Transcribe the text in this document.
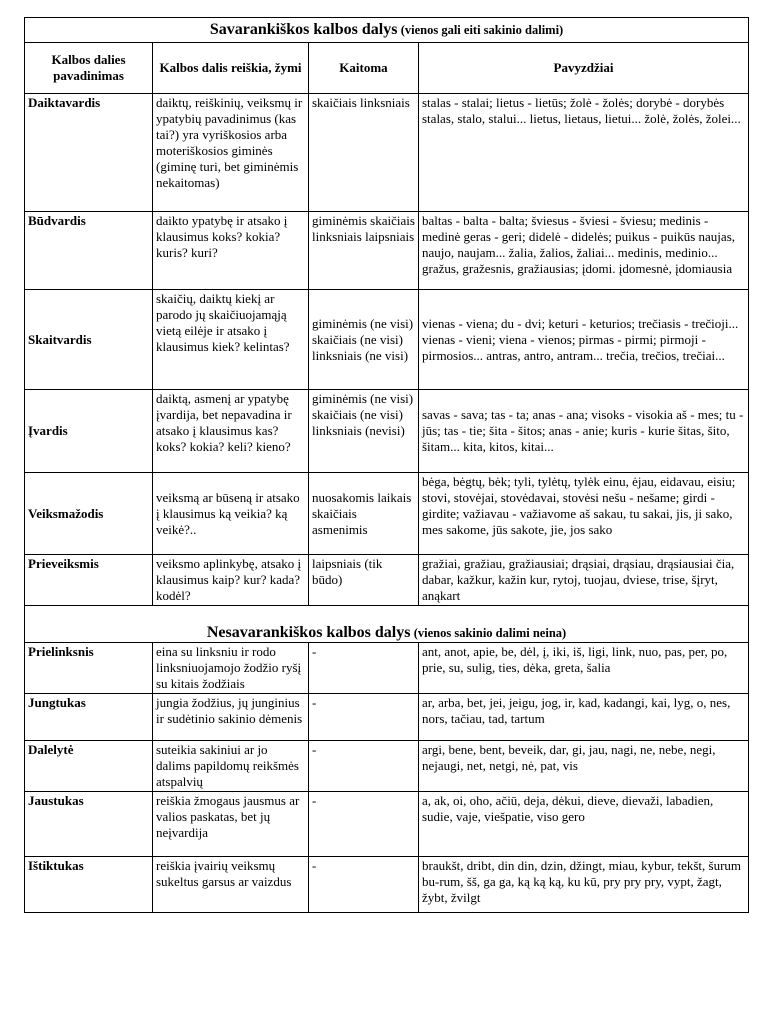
Savarankiškos kalbos dalys (vienos gali eiti sakinio dalimi)			
Kalbos dalies pavadinimas	Kalbos dalis reiškia, žymi	Kaitoma	Pavyzdžiai
Daiktavardis	daiktų, reiškinių, veiksmų ir ypatybių pavadinimus (kas tai?) yra vyriškosios arba moteriškosios giminės (giminę turi, bet giminėmis nekaitomas)	skaičiais linksniais	stalas - stalai; lietus - lietūs; žolė - žolės; dorybė - dorybės stalas, stalo, stalui... lietus, lietaus, lietui... žolė, žolės, žolei...
Būdvardis	daikto ypatybę ir atsako į klausimus koks? kokia? kuris? kuri?	giminėmis skaičiais linksniais laipsniais	baltas - balta - balta; šviesus - šviesi - šviesu; medinis - medinė geras - geri; didelė - didelės; puikus - puikūs naujas, naujo, naujam... žalia, žalios, žaliai... medinis, medinio... gražus, gražesnis, gražiausias; įdomi. įdomesnė, įdomiausia
Skaitvardis	skaičių, daiktų kiekį ar parodo jų skaičiuojamąją vietą eilėje ir atsako į klausimus kiek? kelintas?	giminėmis (ne visi) skaičiais (ne visi) linksniais (ne visi)	vienas - viena; du - dvi; keturi - keturios; trečiasis - trečioji... vienas - vieni; viena - vienos; pirmas - pirmi; pirmoji - pirmosios... antras, antro, antram... trečia, trečios, trečiai...
Įvardis	daiktą, asmenį ar ypatybę įvardija, bet nepavadina ir atsako į klausimus kas? koks? kokia? keli? kieno?	giminėmis (ne visi) skaičiais (ne visi) linksniais (nevisi)	savas - sava; tas - ta; anas - ana; visoks - visokia aš - mes; tu - jūs; tas - tie; šita - šitos; anas - anie; kuris - kurie šitas, šito, šitam... kita, kitos, kitai...
Veiksmažodis	veiksmą ar būseną ir atsako į klausimus ką veikia? ką veikė?..	nuosakomis laikais skaičiais asmenimis	bėga, bėgtų, bėk; tyli, tylėtų, tylėk einu, ėjau, eidavau, eisiu; stovi, stovėjai, stovėdavai, stovėsi nešu - nešame; girdi - girdite; važiavau - važiavome aš sakau, tu sakai, jis, ji sako, mes sakome, jūs sakote, jie, jos sako
Prieveiksmis	veiksmo aplinkybę, atsako į klausimus kaip? kur? kada? kodėl?	laipsniais (tik būdo)	gražiai, gražiau, gražiausiai; drąsiai, drąsiau, drąsiausiai čia, dabar, kažkur, kažin kur, rytoj, tuojau, dviese, trise, šįryt, anąkart
Nesavarankiškos kalbos dalys (vienos sakinio dalimi neina)			
Prielinksnis	eina su linksniu ir rodo linksniuojamojo žodžio ryšį su kitais žodžiais	-	ant, anot, apie, be, dėl, į, iki, iš, ligi, link, nuo, pas, per, po, prie, su, sulig, ties, dėka, greta, šalia
Jungtukas	jungia žodžius, jų junginius ir sudėtinio sakinio dėmenis	-	ar, arba, bet, jei, jeigu, jog, ir, kad, kadangi, kai, lyg, o, nes, nors, tačiau, tad, tartum
Dalelytė	suteikia sakiniui ar jo dalims papildomų reikšmės atspalvių	-	argi, bene, bent, beveik, dar, gi, jau, nagi, ne, nebe, negi, nejaugi, net, netgi, nė, pat, vis
Jaustukas	reiškia žmogaus jausmus ar valios paskatas, bet jų neįvardija	-	a, ak, oi, oho, ačiū, deja, dėkui, dieve, dievaži, labadien, sudie, vaje, viešpatie, viso gero
Ištiktukas	reiškia įvairių veiksmų sukeltus garsus ar vaizdus	-	braukšt, dribt, din din, dzin, džingt, miau, kybur, tekšt, šurum bu-rum, šš, ga ga, ką ką ką, ku kū, pry pry pry, vypt, žagt, žybt, žvilgt
